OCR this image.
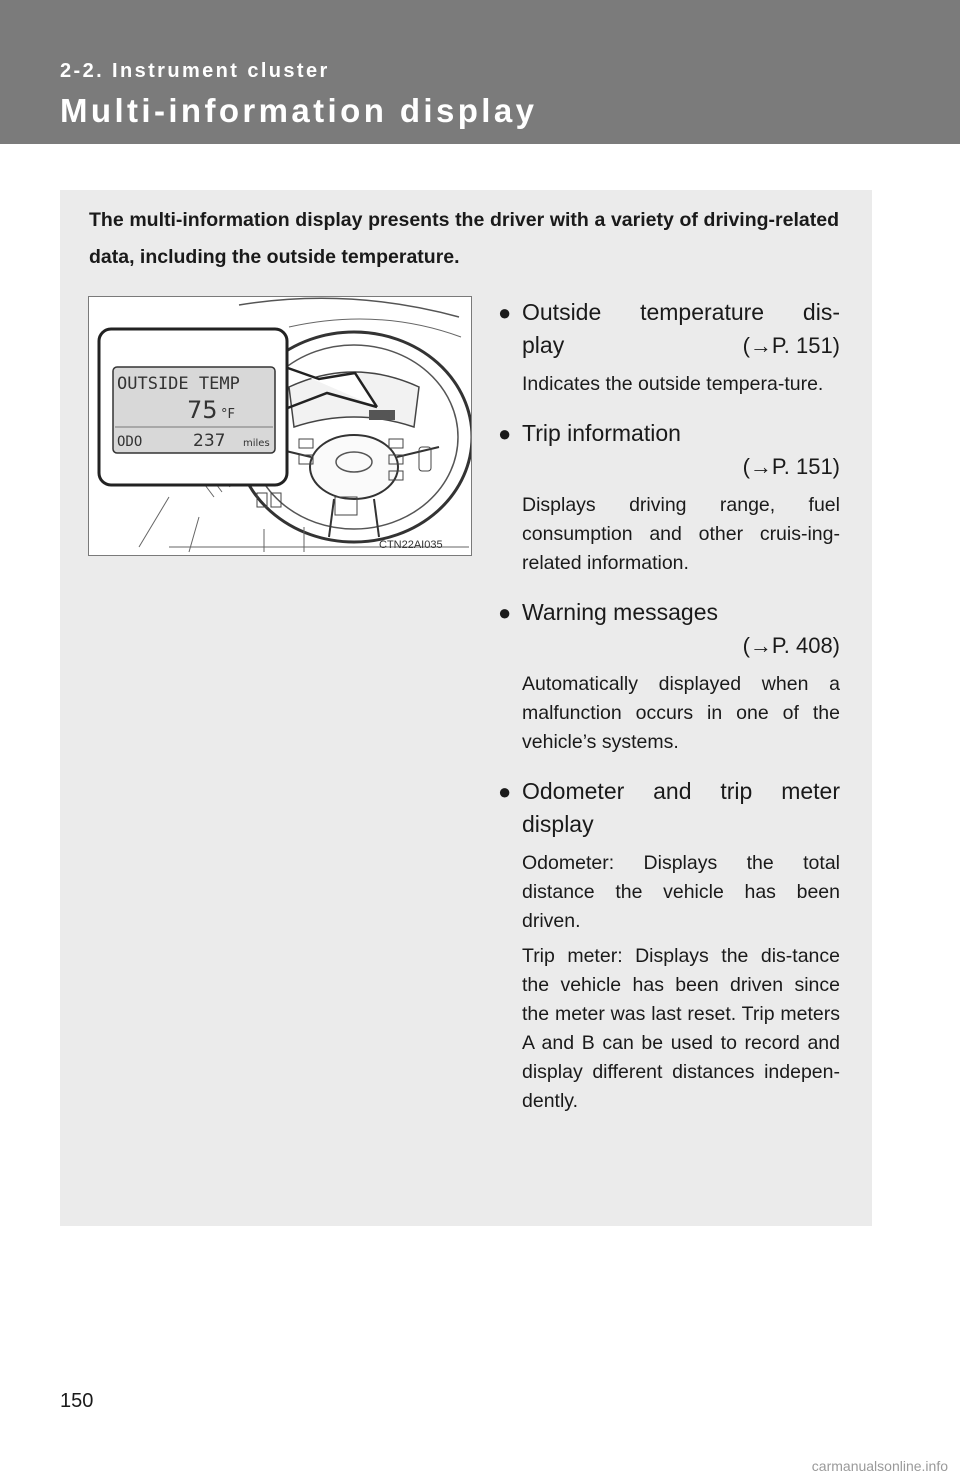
2-2. Instrument cluster
Multi-information display
The multi-information display presents the driver with a variety of driving-related data, including the outside temperature.
OUTSIDE TEMP
75 °F
ODO	237 miles
CTN22AI035
● Outside temperature dis-
play	(→P. 151)
Indicates the outside tempera-ture.
● Trip information
(→P. 151)
Displays driving range, fuel consumption and other cruis-ing-related information.
● Warning messages
(→P. 408)
Automatically displayed when a malfunction occurs in one of the vehicle’s systems.
● Odometer and trip meter
display
Odometer: Displays the total distance the vehicle has been driven.
Trip meter: Displays the dis-tance the vehicle has been driven since the meter was last reset. Trip meters A and B can be used to record and display different distances indepen-dently.
150
carmanualsonline.info
